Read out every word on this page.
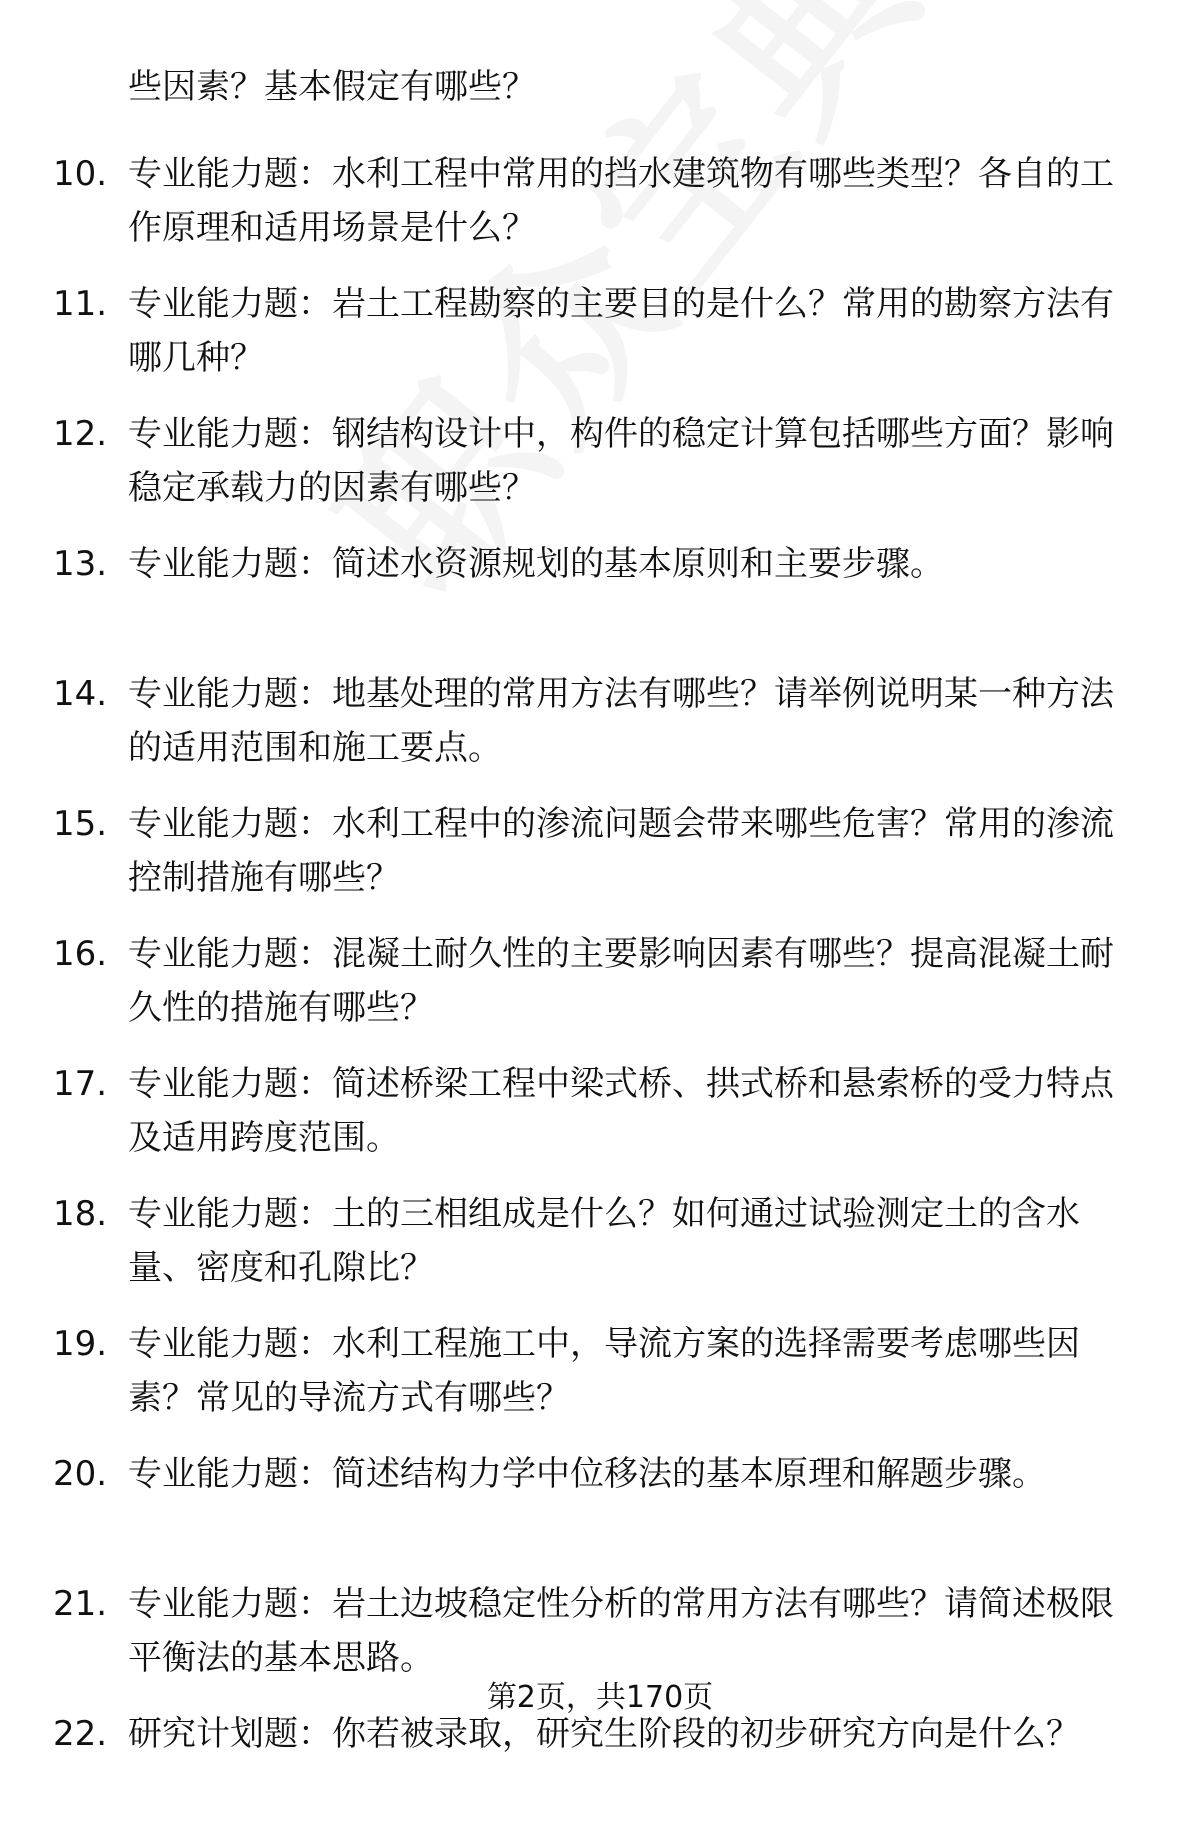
些因素？基本假定有哪些？

10. 专业能力题：水利工程中常用的挡水建筑物有哪些类型？各自的工作原理和适用场景是什么？
11. 专业能力题：岩土工程勘察的主要目的是什么？常用的勘察方法有哪几种？
12. 专业能力题：钢结构设计中，构件的稳定计算包括哪些方面？影响稳定承载力的因素有哪些？
13. 专业能力题：简述水资源规划的基本原则和主要步骤。
14. 专业能力题：地基处理的常用方法有哪些？请举例说明某一种方法的适用范围和施工要点。
15. 专业能力题：水利工程中的渗流问题会带来哪些危害？常用的渗流控制措施有哪些？
16. 专业能力题：混凝土耐久性的主要影响因素有哪些？提高混凝土耐久性的措施有哪些？
17. 专业能力题：简述桥梁工程中梁式桥、拱式桥和悬索桥的受力特点及适用跨度范围。
18. 专业能力题：土的三相组成是什么？如何通过试验测定土的含水量、密度和孔隙比？
19. 专业能力题：水利工程施工中，导流方案的选择需要考虑哪些因素？常见的导流方式有哪些？
20. 专业能力题：简述结构力学中位移法的基本原理和解题步骤。
21. 专业能力题：岩土边坡稳定性分析的常用方法有哪些？请简述极限平衡法的基本思路。
22. 研究计划题：你若被录取，研究生阶段的初步研究方向是什么？
第2页，共170页
